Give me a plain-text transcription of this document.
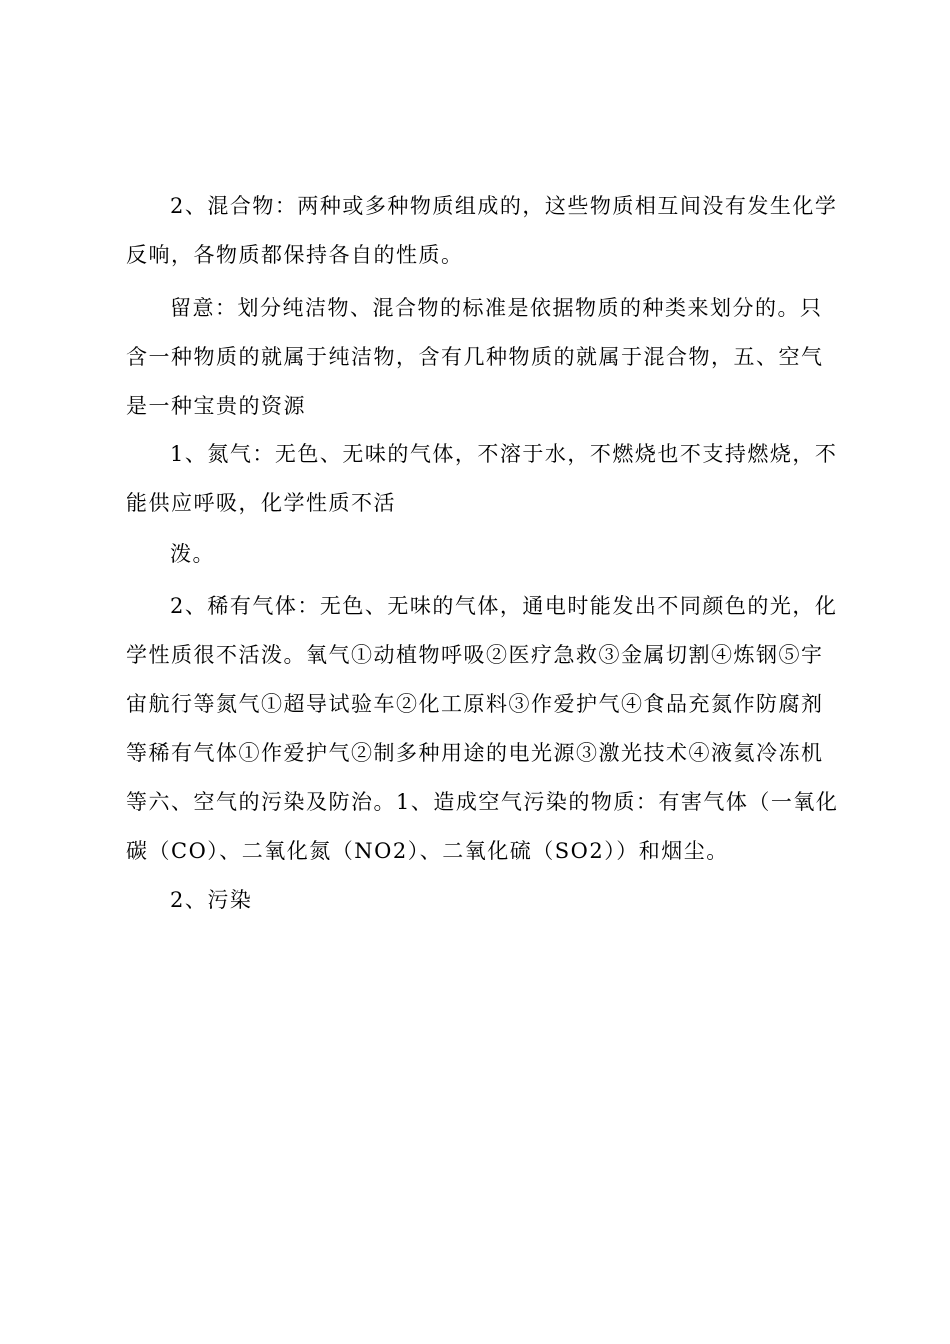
2、混合物：两种或多种物质组成的，这些物质相互间没有发生化学
反响，各物质都保持各自的性质。
留意：划分纯洁物、混合物的标准是依据物质的种类来划分的。只
含一种物质的就属于纯洁物，含有几种物质的就属于混合物，五、空气
是一种宝贵的资源
1、氮气：无色、无味的气体，不溶于水，不燃烧也不支持燃烧，不
能供应呼吸，化学性质不活
泼。
2、稀有气体：无色、无味的气体，通电时能发出不同颜色的光，化
学性质很不活泼。氧气①动植物呼吸②医疗急救③金属切割④炼钢⑤宇
宙航行等氮气①超导试验车②化工原料③作爱护气④食品充氮作防腐剂
等稀有气体①作爱护气②制多种用途的电光源③激光技术④液氦冷冻机
等六、空气的污染及防治。1、造成空气污染的物质：有害气体（一氧化
碳（CO）、二氧化氮（NO2）、二氧化硫（SO2））和烟尘。
2、污染
